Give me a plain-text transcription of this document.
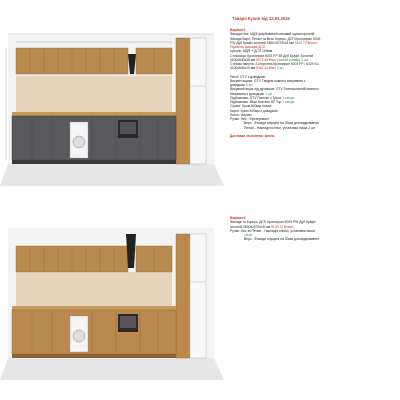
Танаро Кухня від 12.01.2026

Варіант1

Фасади Низ: МДФ фарбований матовий односторонній

Фасади Верх, Пенал та Весь Корпус: ДСП Кронопрал К003

PW Дуб Крафт золотий 2800х2070х18 мм 9120.72 ₴/лист

Підсвітка фасадів ДСП

Цоколь: МДФ + ДСП 100мм

Стільниця: Кронопрал К003 FP 38 Дуб Крафт Золотий

4100х640х38 мм 5972.48 ₴/шт (чистий розмір) 2 шт

Стінова панель: 2-сторонна Кронопрал К003 FP / К329 SU

4100х640х10 мм 5361.34 ₴/шт 2 шт

Петлі: GTV з доводкою

Висувні ящики: GTV Тандем повного висування з

доводкою 5 шт

Висувний ящик під духовкою: GTV Телескопічний повного

висування з доводкою 1 шт

Підйомники: GTV Газліфт з Трьох 1 секція

Підйомники: Blum Aventos HF Top 1 секція

Сушка: Хром 800мм Інокса

Карго: Хром 300мм з доводкою

Лоток: Volpato

Ручки: Низ - Фрезеровані

Верх - Фасади опущені на 20мм для відкривання

Пенал - Накладні кліпси, установка ниша 2 шт

Доставка та монтаж: Ірпінь

Варіант2

Фасади та Корпус: ДСП Кронопрал К009 PW Дуб Крафт

золотий 2800х2070х18 мм 9120.72 ₴/лист

Ручки: Низ та Пенал - Накладні кліпси, установка ниша

16 шт

Верх - Фасади опущені на 20мм для відкривання
